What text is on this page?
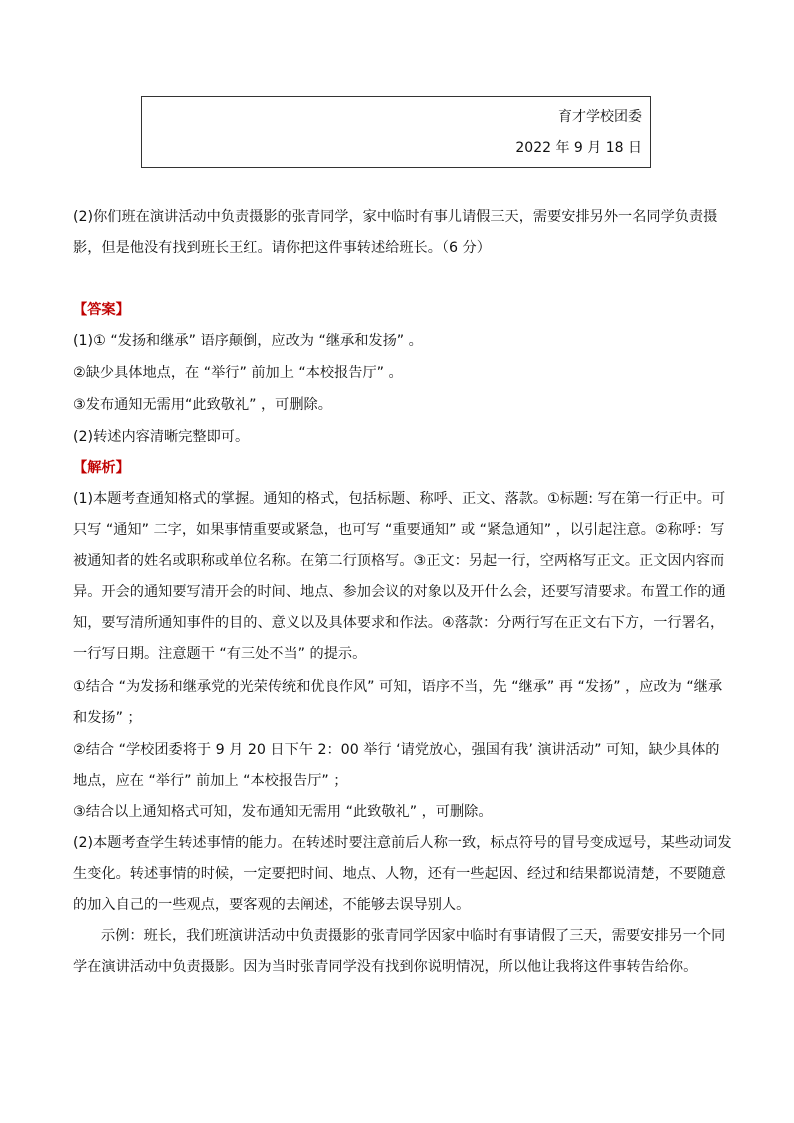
育才学校团委
2022 年 9 月 18 日
(2)你们班在演讲活动中负责摄影的张青同学，家中临时有事儿请假三天，需要安排另外一名同学负责摄影，但是他没有找到班长王红。请你把这件事转述给班长。（6 分）
【答案】
(1)① “发扬和继承” 语序颠倒，应改为 “继承和发扬” 。
②缺少具体地点，在 “举行” 前加上 “本校报告厅” 。
③发布通知无需用“此致敬礼” ，可删除。
(2)转述内容清晰完整即可。
【解析】
(1)本题考查通知格式的掌握。通知的格式，包括标题、称呼、正文、落款。①标题: 写在第一行正中。可只写 “通知” 二字，如果事情重要或紧急，也可写 “重要通知” 或 “紧急通知” ，以引起注意。②称呼：写被通知者的姓名或职称或单位名称。在第二行顶格写。③正文：另起一行，空两格写正文。正文因内容而异。开会的通知要写清开会的时间、地点、参加会议的对象以及开什么会，还要写清要求。布置工作的通知，要写清所通知事件的目的、意义以及具体要求和作法。④落款：分两行写在正文右下方，一行署名，一行写日期。注意题干 “有三处不当” 的提示。
①结合 “为发扬和继承党的光荣传统和优良作风” 可知，语序不当，先 “继承” 再 “发扬” ，应改为 “继承和发扬” ；
②结合 “学校团委将于 9 月 20 日下午 2：00 举行 ‘请党放心，强国有我’ 演讲活动” 可知，缺少具体的地点，应在 “举行” 前加上 “本校报告厅” ；
③结合以上通知格式可知，发布通知无需用 “此致敬礼” ，可删除。
(2)本题考查学生转述事情的能力。在转述时要注意前后人称一致，标点符号的冒号变成逗号，某些动词发生变化。转述事情的时候，一定要把时间、地点、人物，还有一些起因、经过和结果都说清楚，不要随意的加入自己的一些观点，要客观的去阐述，不能够去误导别人。
示例：班长，我们班演讲活动中负责摄影的张青同学因家中临时有事请假了三天，需要安排另一个同学在演讲活动中负责摄影。因为当时张青同学没有找到你说明情况，所以他让我将这件事转告给你。
